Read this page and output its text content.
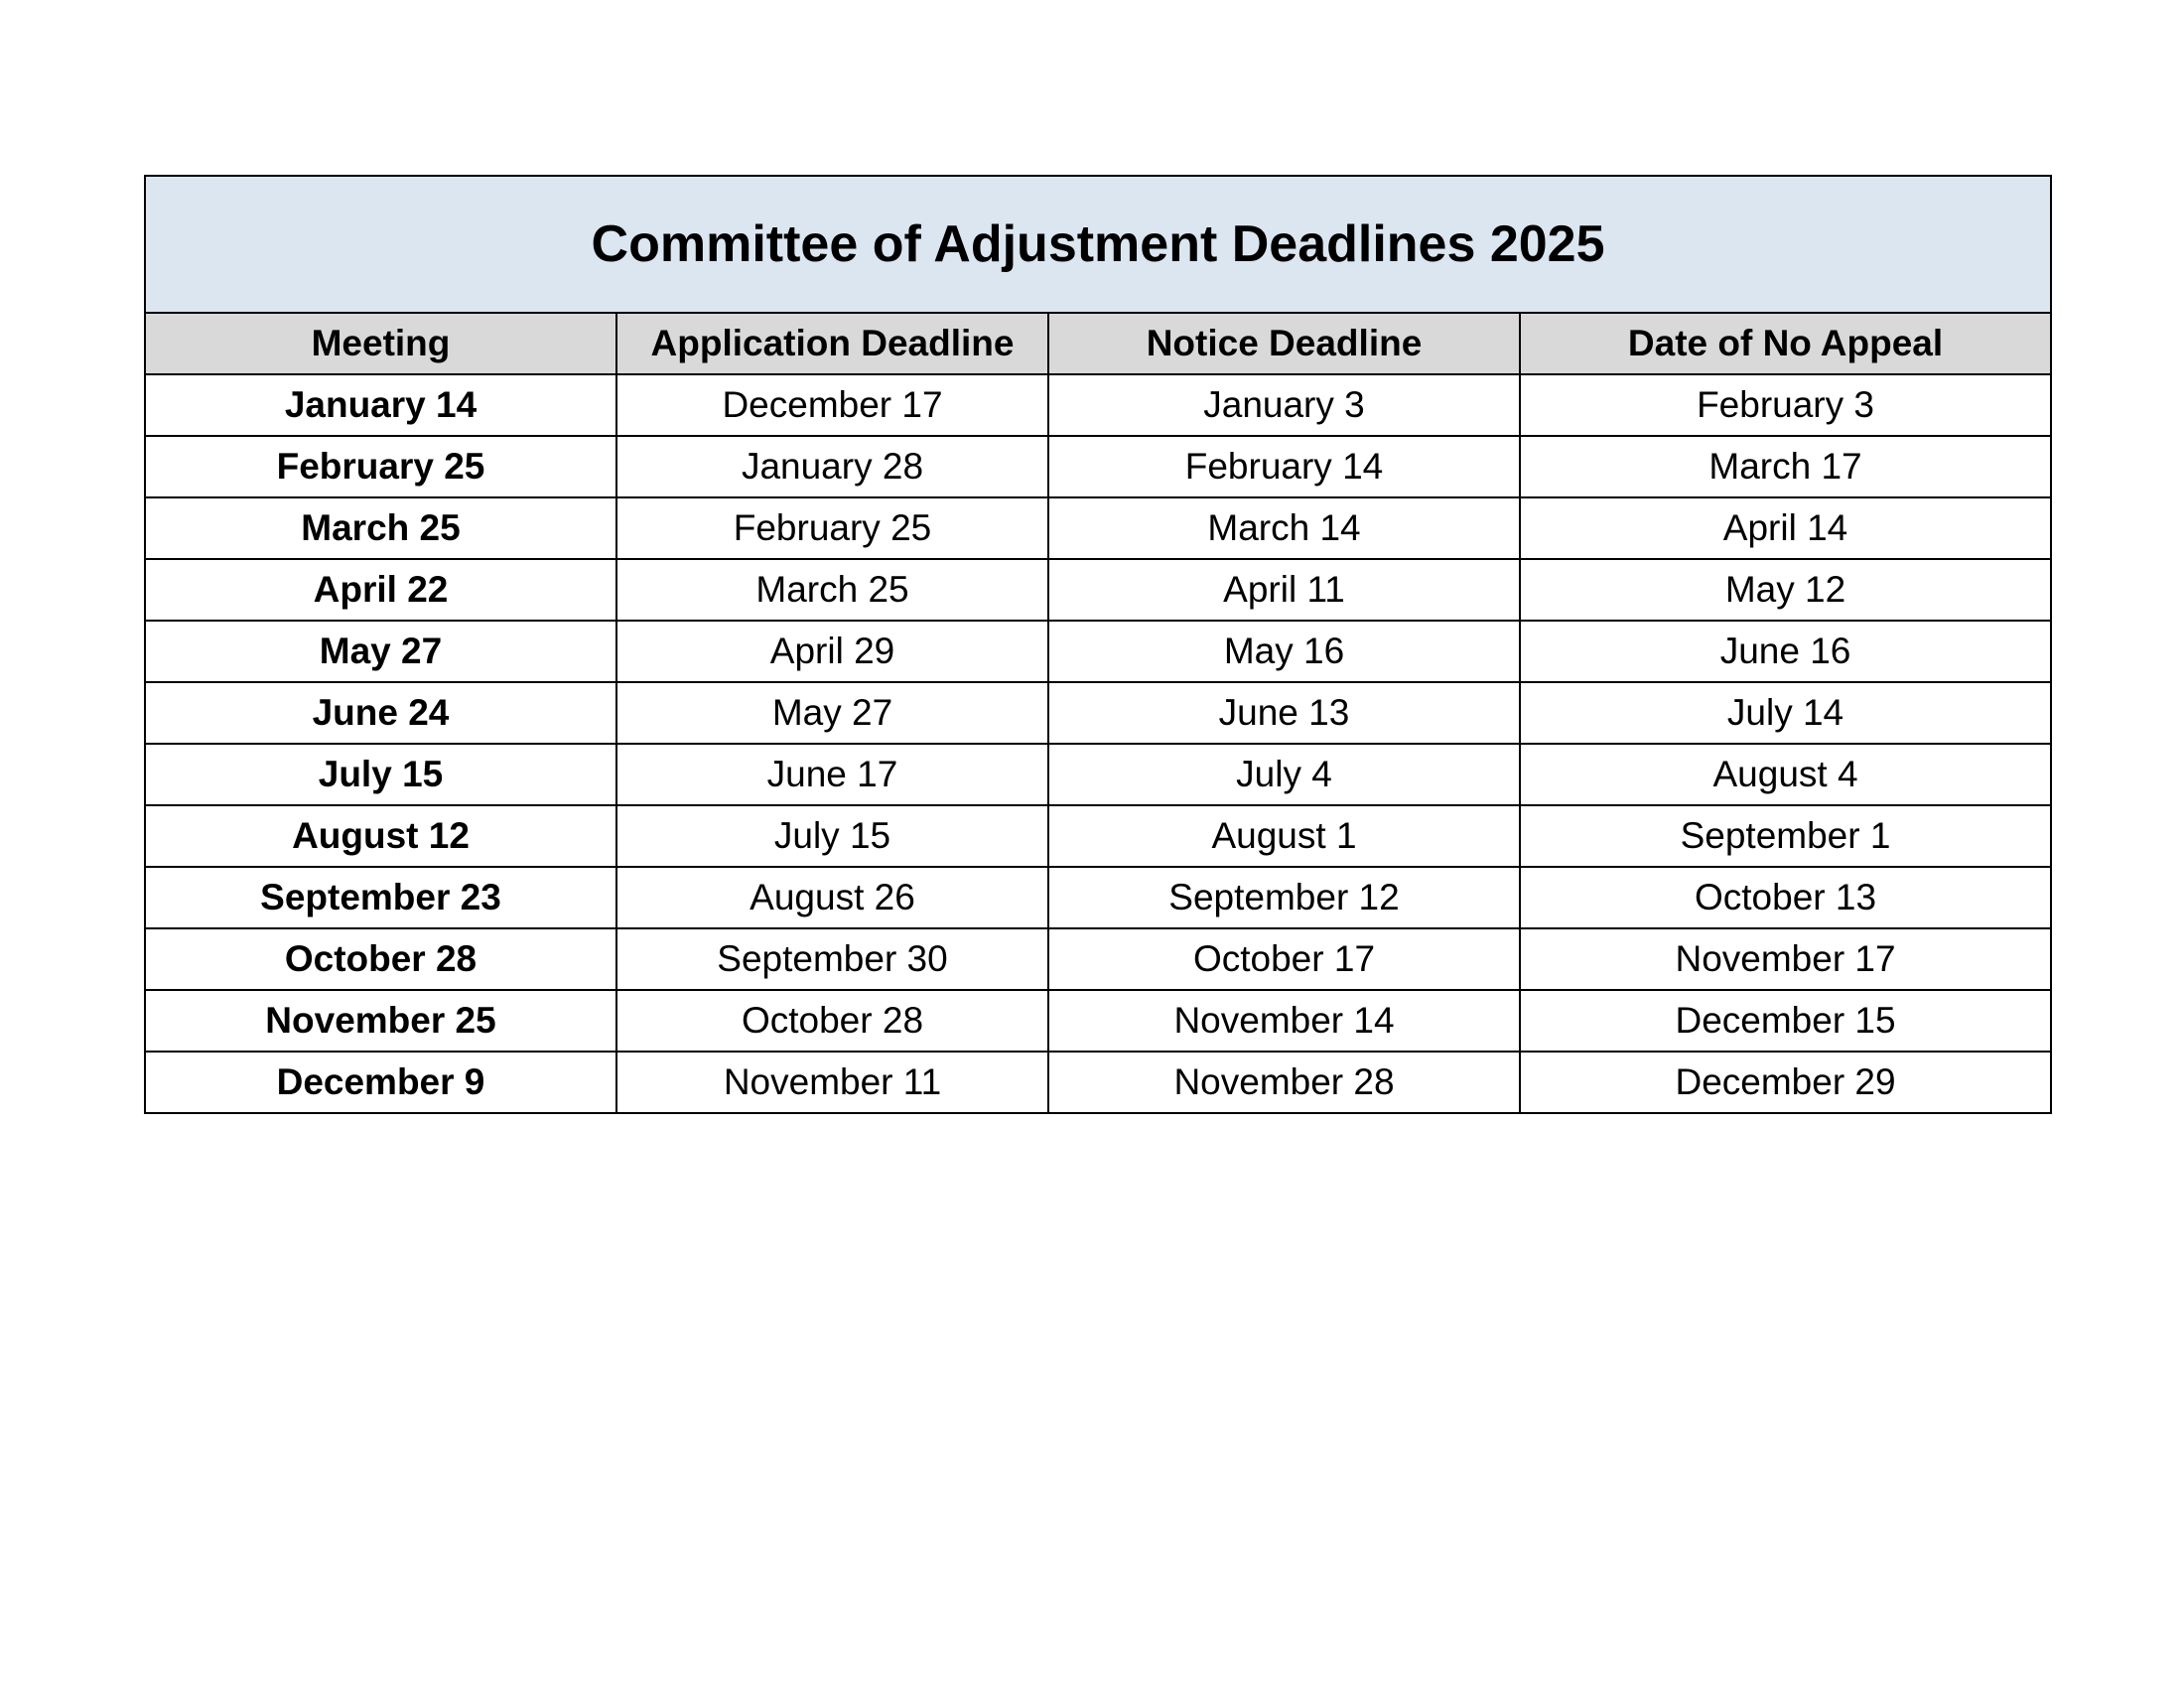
Committee of Adjustment Deadlines 2025			
Meeting	Application Deadline	Notice Deadline	Date of No Appeal
January 14	December 17	January 3	February 3
February 25	January 28	February 14	March 17
March 25	February 25	March 14	April 14
April 22	March 25	April 11	May 12
May 27	April 29	May 16	June 16
June 24	May 27	June 13	July 14
July 15	June 17	July 4	August 4
August 12	July 15	August 1	September 1
September 23	August 26	September 12	October 13
October 28	September 30	October 17	November 17
November 25	October 28	November 14	December 15
December 9	November 11	November 28	December 29
